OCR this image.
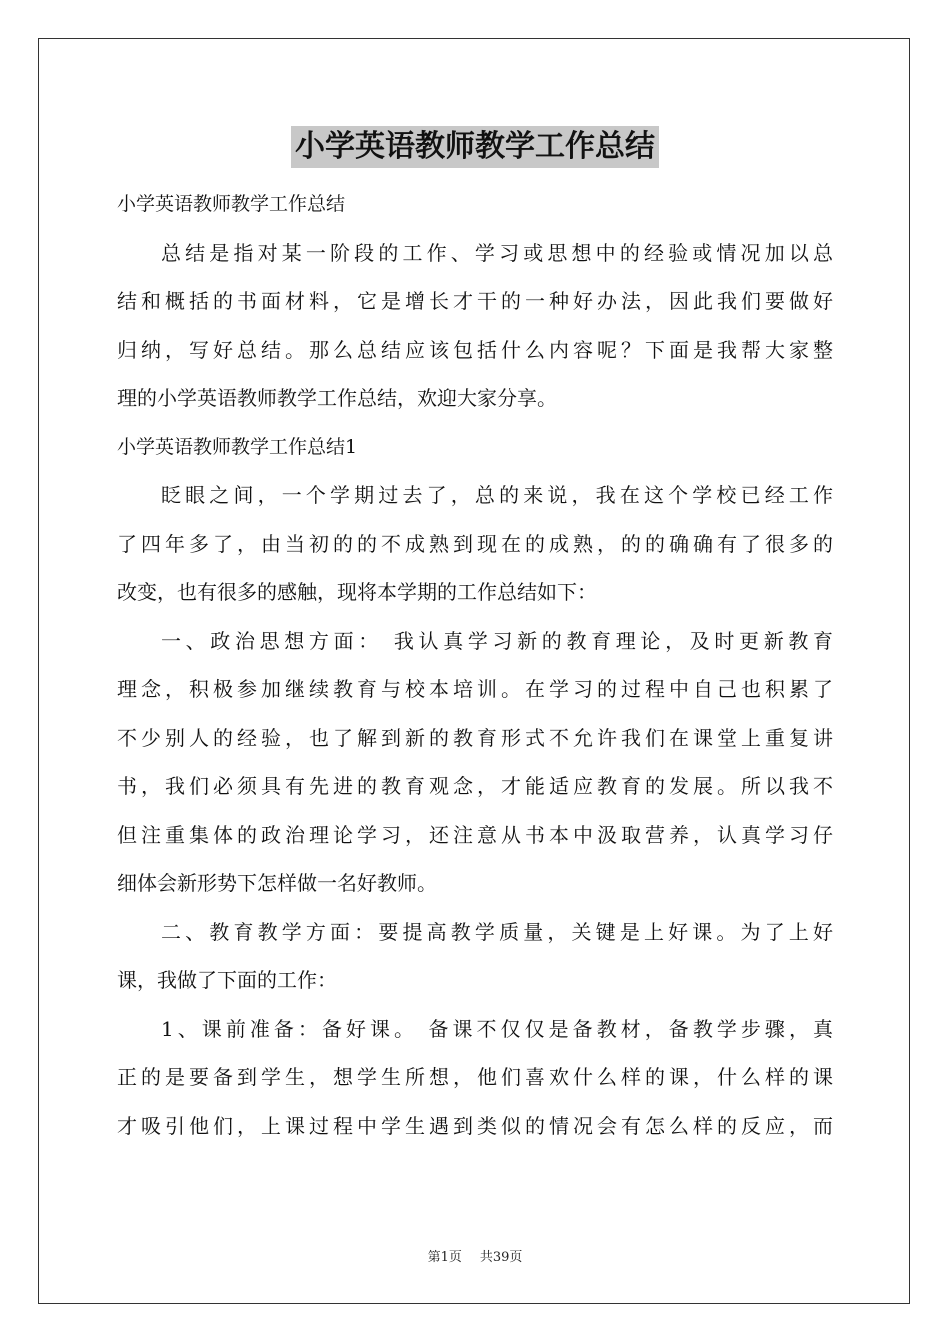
小学英语教师教学工作总结
小学英语教师教学工作总结
总结是指对某一阶段的工作、学习或思想中的经验或情况加以总
结和概括的书面材料，它是增长才干的一种好办法，因此我们要做好
归纳，写好总结。那么总结应该包括什么内容呢？下面是我帮大家整
理的小学英语教师教学工作总结，欢迎大家分享。
小学英语教师教学工作总结1
眨眼之间，一个学期过去了，总的来说，我在这个学校已经工作
了四年多了，由当初的的不成熟到现在的成熟，的的确确有了很多的
改变，也有很多的感触，现将本学期的工作总结如下：
一、政治思想方面： 我认真学习新的教育理论，及时更新教育
理念，积极参加继续教育与校本培训。在学习的过程中自己也积累了
不少别人的经验，也了解到新的教育形式不允许我们在课堂上重复讲
书，我们必须具有先进的教育观念，才能适应教育的发展。所以我不
但注重集体的政治理论学习，还注意从书本中汲取营养，认真学习仔
细体会新形势下怎样做一名好教师。
二、教育教学方面：要提高教学质量，关键是上好课。为了上好
课，我做了下面的工作：
1、课前准备：备好课。 备课不仅仅是备教材，备教学步骤，真
正的是要备到学生，想学生所想，他们喜欢什么样的课，什么样的课
才吸引他们，上课过程中学生遇到类似的情况会有怎么样的反应，而
第1页 共39页
